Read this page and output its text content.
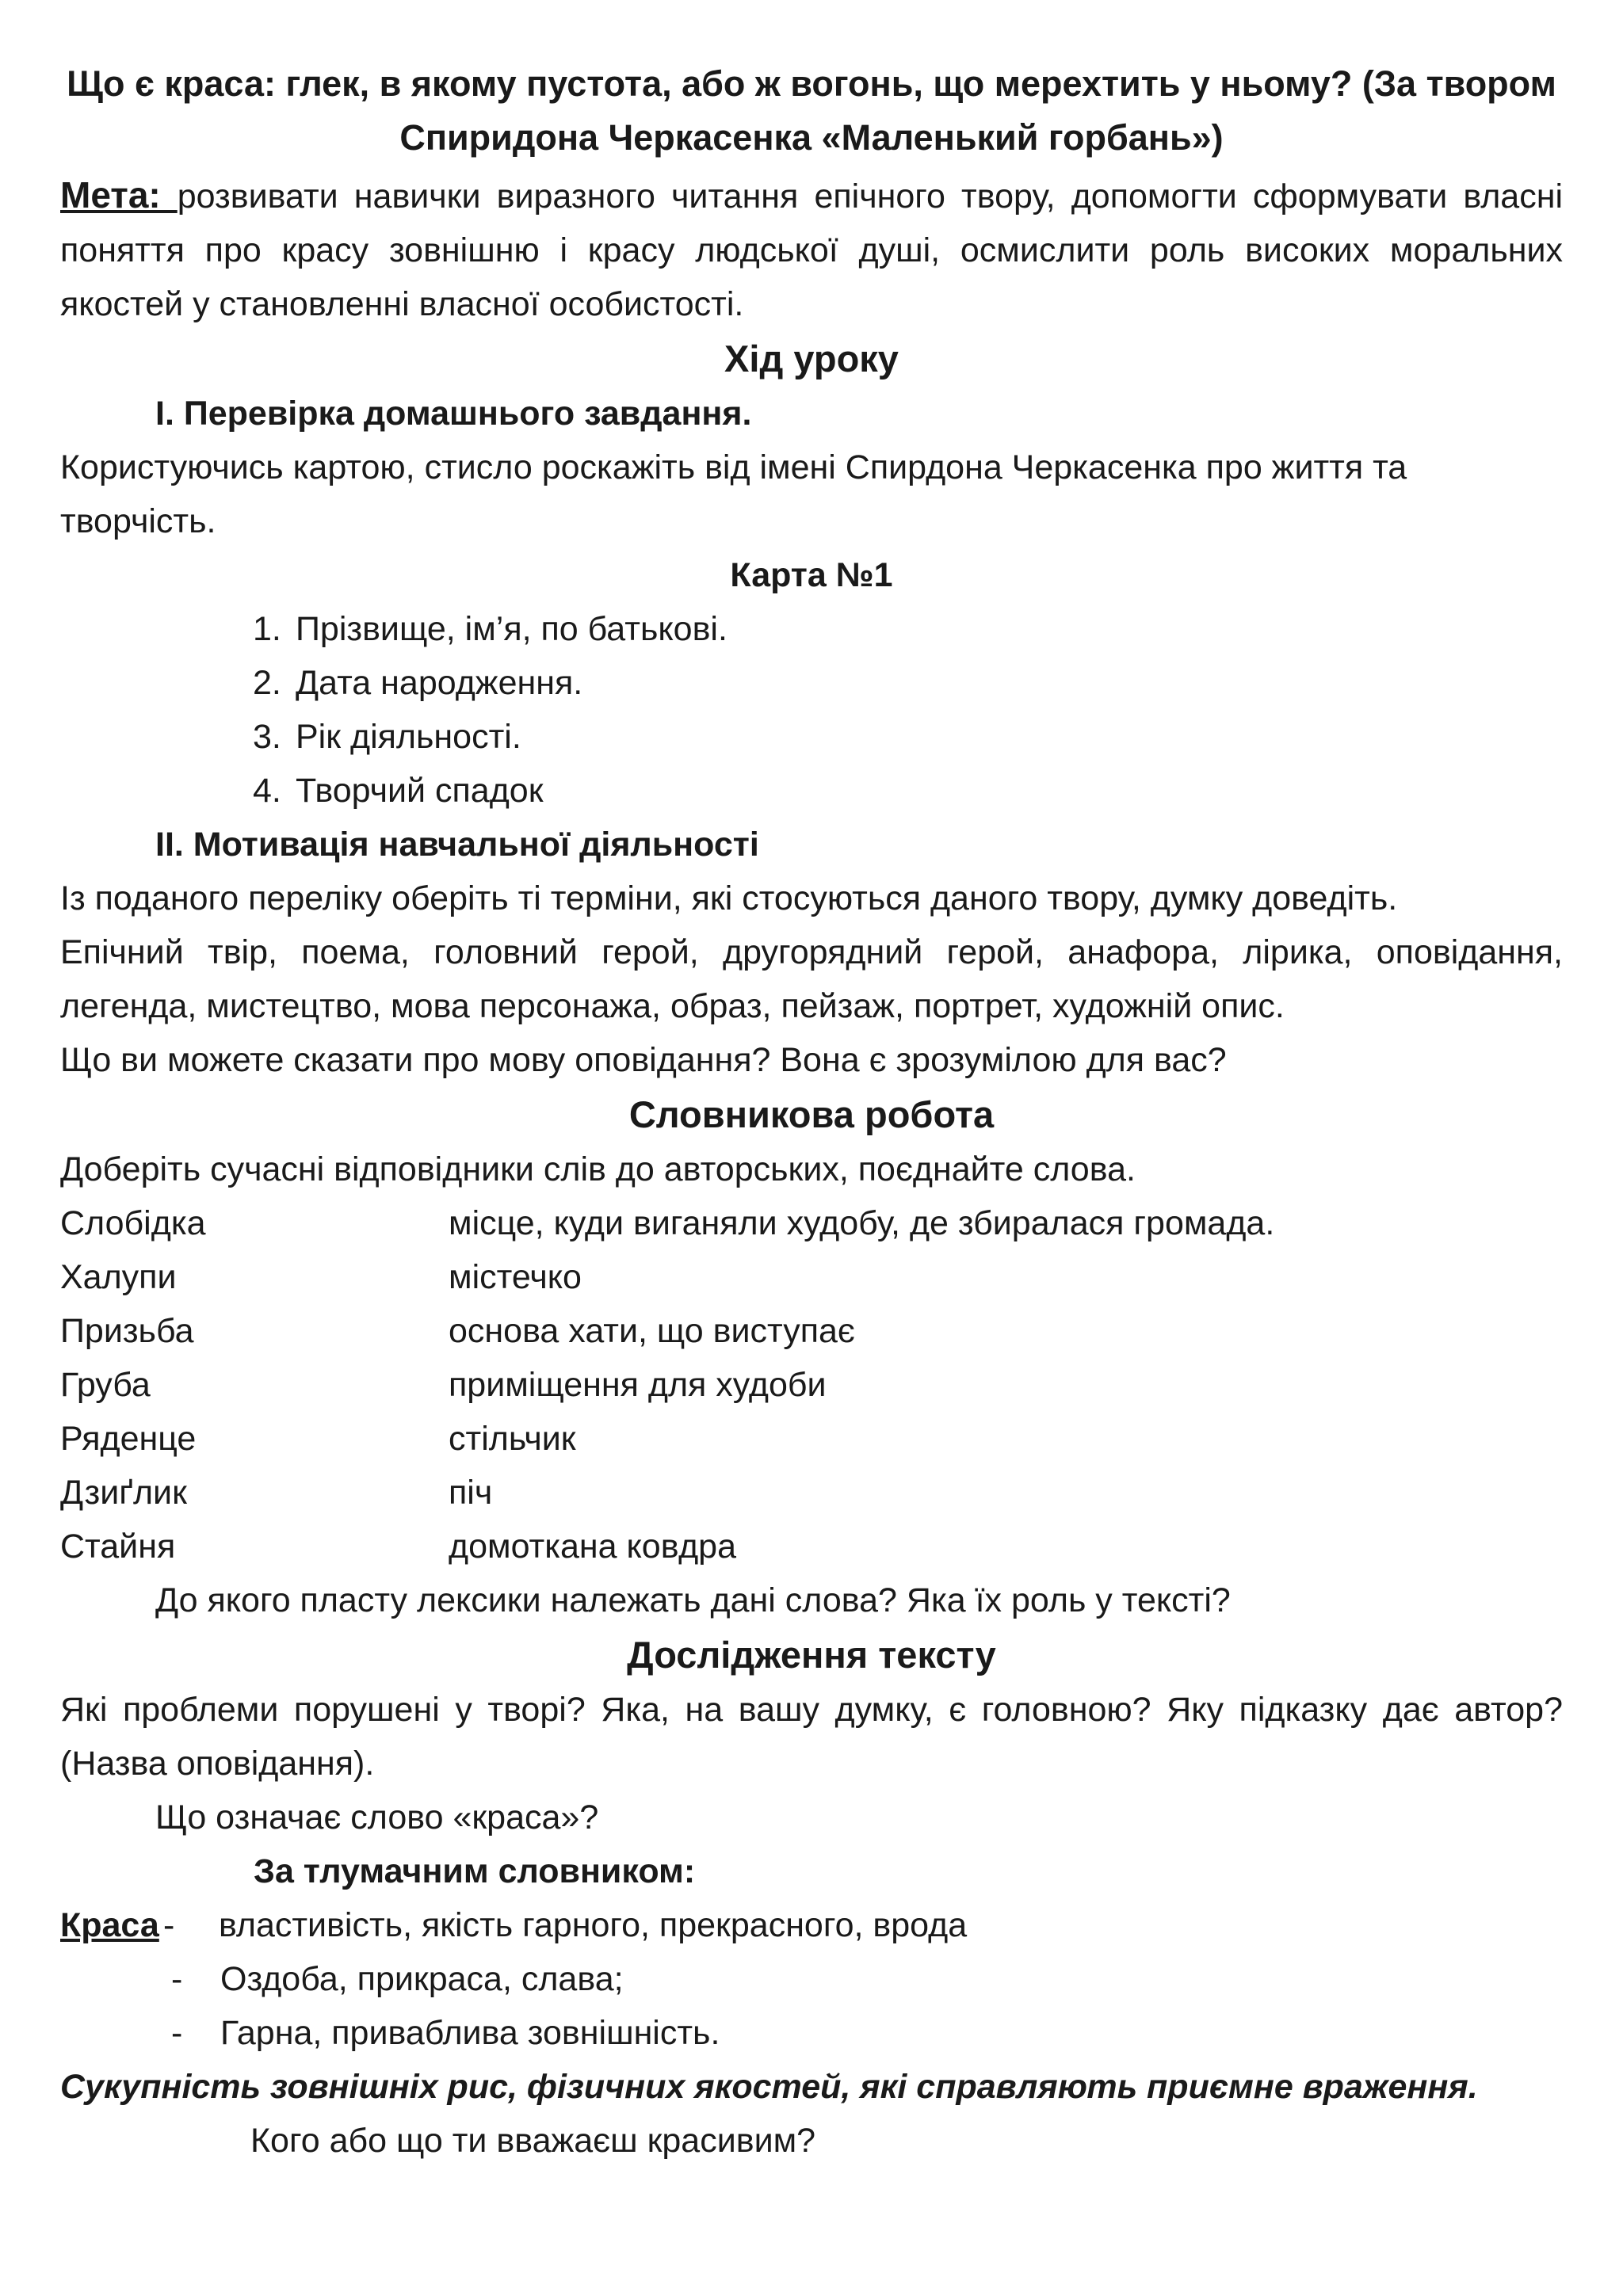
Що є краса: глек, в якому пустота, або ж вогонь, що мерехтить у ньому? (За твором Спиридона Черкасенка «Маленький горбань»)

Мета: розвивати навички виразного читання епічного твору, допомогти сформувати власні поняття про красу зовнішню і красу людської душі, осмислити роль високих моральних якостей у становленні власної особистості.

Хід уроку
І. Перевірка домашнього завдання.

Користуючись картою, стисло роскажіть від імені Спирдона Черкасенка про життя та творчість.

Карта №1
1. Прізвище, ім’я, по батькові.
2. Дата народження.
3. Рік діяльності.
4. Творчий спадок
ІІ. Мотивація навчальної діяльності

Із поданого переліку оберіть ті терміни, які стосуються даного твору, думку доведіть.

Епічний твір, поема, головний герой, другорядний герой, анафора, лірика, оповідання, легенда, мистецтво, мова персонажа, образ, пейзаж, портрет, художній опис.

Що ви можете сказати про мову оповідання? Вона є зрозумілою для вас?

Словникова робота

Доберіть сучасні відповідники слів до авторських, поєднайте слова.

Слобідка	місце, куди виганяли худобу, де збиралася громада.
Халупи	містечко
Призьба	основа хати, що виступає
Груба	приміщення для худоби
Ряденце	стільчик
Дзиґлик	піч
Стайня	домоткана ковдра

До якого пласту лексики належать дані слова? Яка їх роль у тексті?

Дослідження тексту

Які проблеми порушені у творі? Яка, на вашу думку, є головною? Яку підказку дає автор? (Назва оповідання).

Що означає слово «краса»?

За тлумачним словником:
Краса -	властивість, якість гарного, прекрасного, врода
-	Оздоба, прикраса, слава;
-	Гарна, приваблива зовнішність.

Сукупність зовнішніх рис, фізичних якостей, які справляють приємне враження.

Кого або що ти вважаєш красивим?
